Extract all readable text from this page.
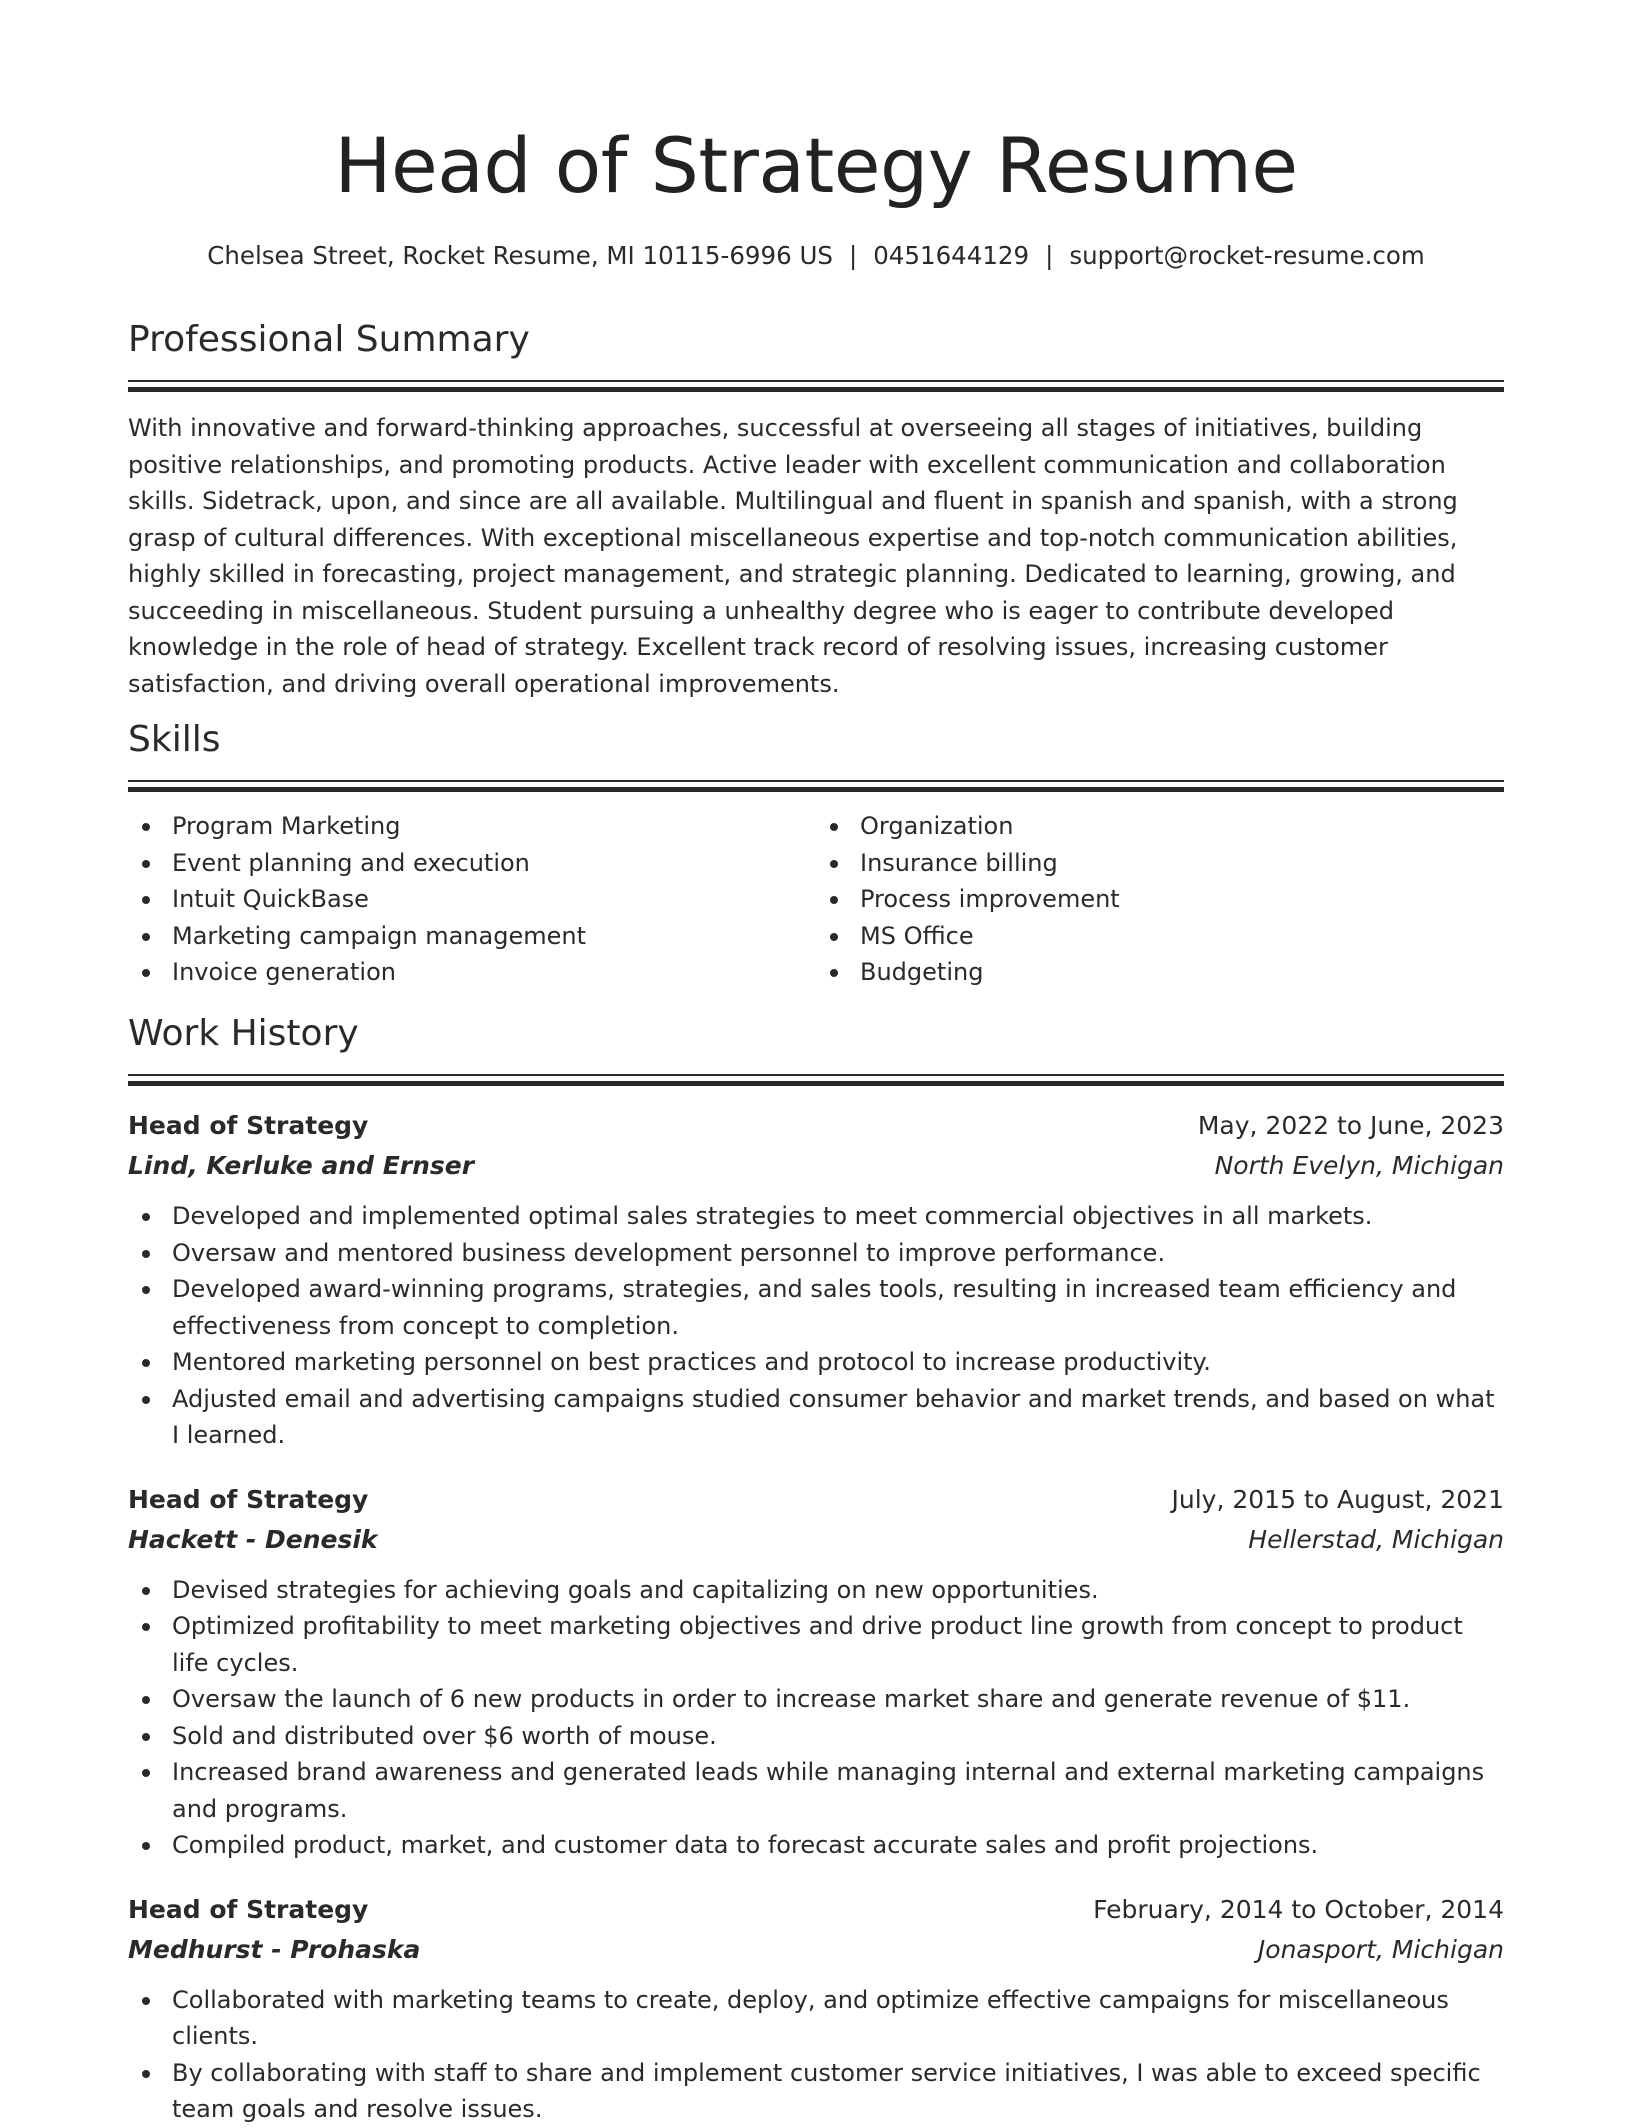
Head of Strategy Resume
Chelsea Street, Rocket Resume, MI 10115-6996 US | 0451644129 | support@rocket-resume.com
Professional Summary

With innovative and forward-thinking approaches, successful at overseeing all stages of initiatives, building positive relationships, and promoting products. Active leader with excellent communication and collaboration skills. Sidetrack, upon, and since are all available. Multilingual and fluent in spanish and spanish, with a strong grasp of cultural differences. With exceptional miscellaneous expertise and top-notch communication abilities, highly skilled in forecasting, project management, and strategic planning. Dedicated to learning, growing, and succeeding in miscellaneous. Student pursuing a unhealthy degree who is eager to contribute developed knowledge in the role of head of strategy. Excellent track record of resolving issues, increasing customer satisfaction, and driving overall operational improvements.

Skills
Program Marketing
Event planning and execution
Intuit QuickBase
Marketing campaign management
Invoice generation
Organization
Insurance billing
Process improvement
MS Office
Budgeting
Work History
Head of Strategy	May, 2022 to June, 2023
Lind, Kerluke and Ernser	North Evelyn, Michigan
Developed and implemented optimal sales strategies to meet commercial objectives in all markets.
Oversaw and mentored business development personnel to improve performance.
Developed award-winning programs, strategies, and sales tools, resulting in increased team efficiency and effectiveness from concept to completion.
Mentored marketing personnel on best practices and protocol to increase productivity.
Adjusted email and advertising campaigns studied consumer behavior and market trends, and based on what I learned.
Head of Strategy	July, 2015 to August, 2021
Hackett - Denesik	Hellerstad, Michigan
Devised strategies for achieving goals and capitalizing on new opportunities.
Optimized profitability to meet marketing objectives and drive product line growth from concept to product life cycles.
Oversaw the launch of 6 new products in order to increase market share and generate revenue of $11.
Sold and distributed over $6 worth of mouse.
Increased brand awareness and generated leads while managing internal and external marketing campaigns and programs.
Compiled product, market, and customer data to forecast accurate sales and profit projections.
Head of Strategy	February, 2014 to October, 2014
Medhurst - Prohaska	Jonasport, Michigan
Collaborated with marketing teams to create, deploy, and optimize effective campaigns for miscellaneous clients.
By collaborating with staff to share and implement customer service initiatives, I was able to exceed specific team goals and resolve issues.
